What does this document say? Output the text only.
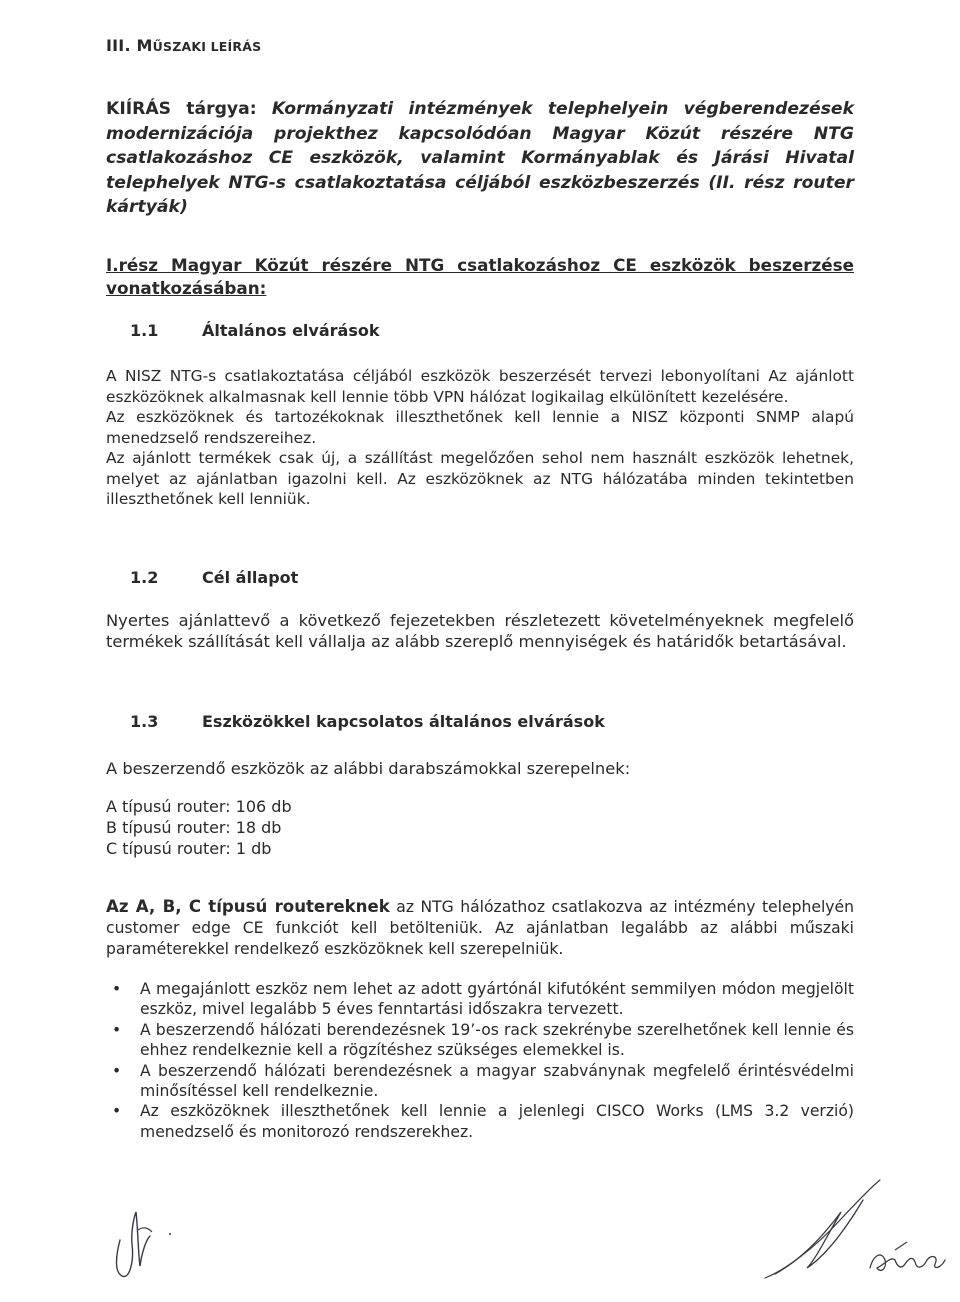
III. MŰSZAKI LEÍRÁS

KIÍRÁS tárgya: Kormányzati intézmények telephelyein végberendezések modernizációja projekthez kapcsolódóan Magyar Közút részére NTG csatlakozáshoz CE eszközök, valamint Kormányablak és Járási Hivatal telephelyek NTG-s csatlakoztatása céljából eszközbeszerzés (II. rész router kártyák)

I.rész Magyar Közút részére NTG csatlakozáshoz CE eszközök beszerzése vonatkozásában:

1.1	Általános elvárások

A NISZ NTG-s csatlakoztatása céljából eszközök beszerzését tervezi lebonyolítani Az ajánlott eszközöknek alkalmasnak kell lennie több VPN hálózat logikailag elkülönített kezelésére.

Az eszközöknek és tartozékoknak illeszthetőnek kell lennie a NISZ központi SNMP alapú menedzselő rendszereihez.

Az ajánlott termékek csak új, a szállítást megelőzően sehol nem használt eszközök lehetnek, melyet az ajánlatban igazolni kell. Az eszközöknek az NTG hálózatába minden tekintetben illeszthetőnek kell lenniük.

1.2	Cél állapot

Nyertes ajánlattevő a következő fejezetekben részletezett követelményeknek megfelelő termékek szállítását kell vállalja az alább szereplő mennyiségek és határidők betartásával.

1.3	Eszközökkel kapcsolatos általános elvárások

A beszerzendő eszközök az alábbi darabszámokkal szerepelnek:

A típusú router: 106 db
B típusú router: 18 db
C típusú router: 1 db

Az A, B, C típusú routereknek az NTG hálózathoz csatlakozva az intézmény telephelyén customer edge CE funkciót kell betölteniük. Az ajánlatban legalább az alábbi műszaki paraméterekkel rendelkező eszközöknek kell szerepelniük.

• A megajánlott eszköz nem lehet az adott gyártónál kifutóként semmilyen módon megjelölt eszköz, mivel legalább 5 éves fenntartási időszakra tervezett.
• A beszerzendő hálózati berendezésnek 19’-os rack szekrénybe szerelhetőnek kell lennie és ehhez rendelkeznie kell a rögzítéshez szükséges elemekkel is.
• A beszerzendő hálózati berendezésnek a magyar szabványnak megfelelő érintésvédelmi minősítéssel kell rendelkeznie.
• Az eszközöknek illeszthetőnek kell lennie a jelenlegi CISCO Works (LMS 3.2 verzió) menedzselő és monitorozó rendszerekhez.
